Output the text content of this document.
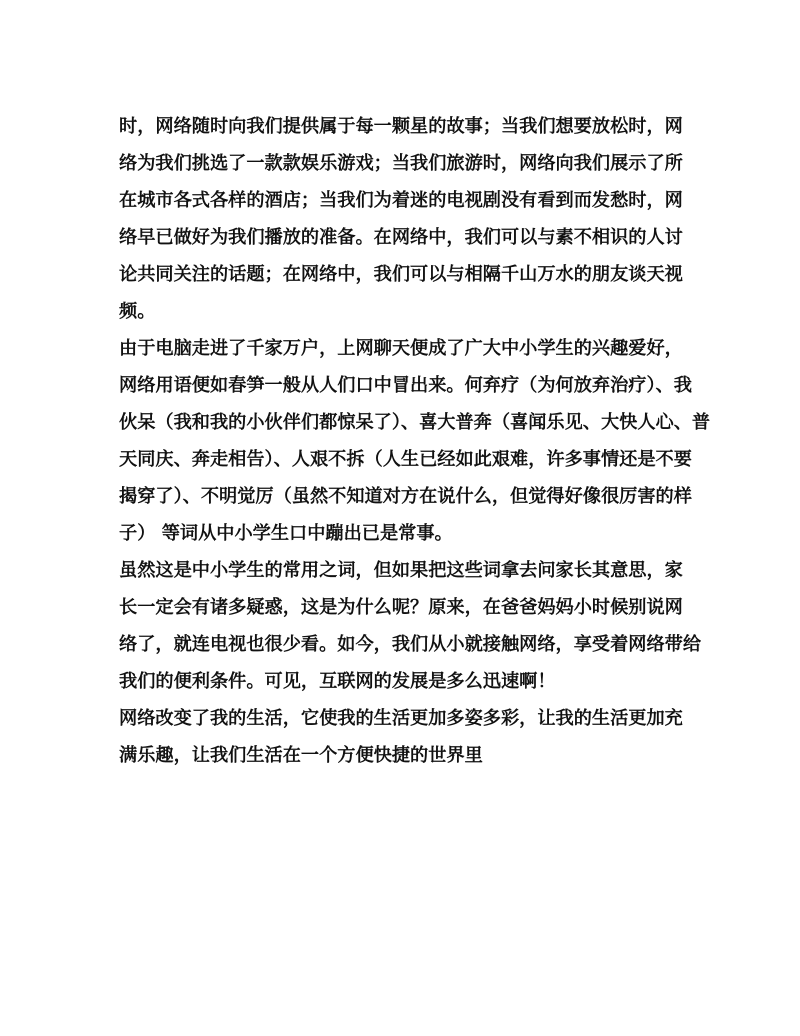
时，网络随时向我们提供属于每一颗星的故事；当我们想要放松时，网
络为我们挑选了一款款娱乐游戏；当我们旅游时，网络向我们展示了所
在城市各式各样的酒店；当我们为着迷的电视剧没有看到而发愁时，网
络早已做好为我们播放的准备。在网络中，我们可以与素不相识的人讨
论共同关注的话题；在网络中，我们可以与相隔千山万水的朋友谈天视
频。
由于电脑走进了千家万户，上网聊天便成了广大中小学生的兴趣爱好，
网络用语便如春笋一般从人们口中冒出来。何弃疗（为何放弃治疗）、我
伙呆（我和我的小伙伴们都惊呆了）、喜大普奔（喜闻乐见、大快人心、普
天同庆、奔走相告）、人艰不拆（人生已经如此艰难，许多事情还是不要
揭穿了）、不明觉厉（虽然不知道对方在说什么，但觉得好像很厉害的样
子） 等词从中小学生口中蹦出已是常事。
虽然这是中小学生的常用之词，但如果把这些词拿去问家长其意思，家
长一定会有诸多疑惑，这是为什么呢？原来，在爸爸妈妈小时候别说网
络了，就连电视也很少看。如今，我们从小就接触网络，享受着网络带给
我们的便利条件。可见，互联网的发展是多么迅速啊！
网络改变了我的生活，它使我的生活更加多姿多彩，让我的生活更加充
满乐趣，让我们生活在一个方便快捷的世界里
